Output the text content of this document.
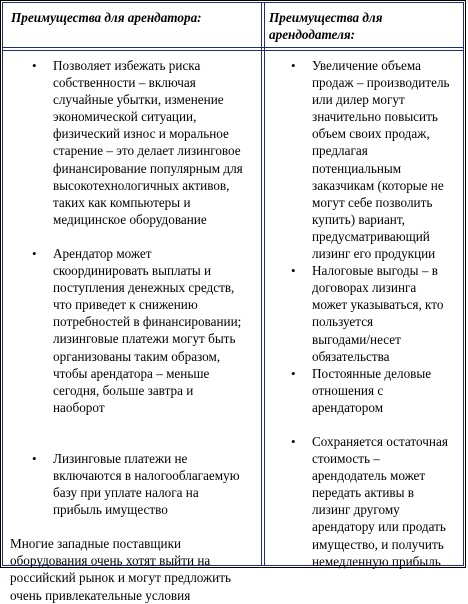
Преимущества для арендатора:	Преимущества для арендодателя:
• Позволяет избежать риска
собственности – включая
случайные убытки, изменение
экономической ситуации,
физический износ и моральное
старение – это делает лизинговое
финансирование популярным для
высокотехнологичных активов,
таких как компьютеры и
медицинское оборудование
• Арендатор может
скоординировать выплаты и
поступления денежных средств,
что приведет к снижению
потребностей в финансировании;
лизинговые платежи могут быть
организованы таким образом,
чтобы арендатора – меньше
сегодня, больше завтра и
наоборот
• Лизинговые платежи не
включаются в налогооблагаемую
базу при уплате налога на
прибыль имущество
Многие западные поставщики
оборудования очень хотят выйти на
российский рынок и могут предложить
очень привлекательные условия
• Увеличение объема
продаж – производитель
или дилер могут
значительно повысить
объем своих продаж,
предлагая
потенциальным
заказчикам (которые не
могут себе позволить
купить) вариант,
предусматривающий
лизинг его продукции
• Налоговые выгоды – в
договорах лизинга
может указываться, кто
пользуется
выгодами/несет
обязательства
• Постоянные деловые
отношения с
арендатором
• Сохраняется остаточная
стоимость –
арендодатель может
передать активы в
лизинг другому
арендатору или продать
имущество, и получить
немедленную прибыль
